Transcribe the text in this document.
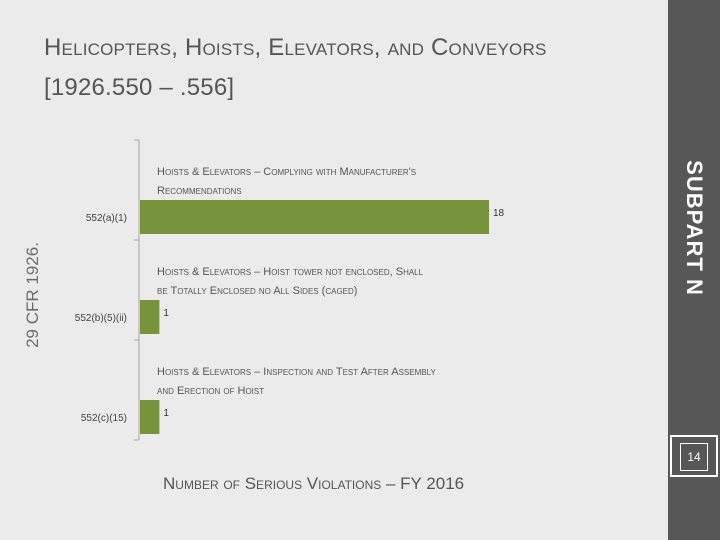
Helicopters, Hoists, Elevators, and Conveyors
[1926.550 – .556]
SUBPART N
29 CFR 1926.
Hoists & Elevators – Complying with Manufacturer's
Recommendations
552(a)(1)	18
Hoists & Elevators – Hoist tower not enclosed, Shall
be Totally Enclosed no All Sides (caged)
552(b)(5)(ii)	1
Hoists & Elevators – Inspection and Test After Assembly
and Erection of Hoist
552(c)(15)	1
14
Number of Serious Violations – FY 2016
